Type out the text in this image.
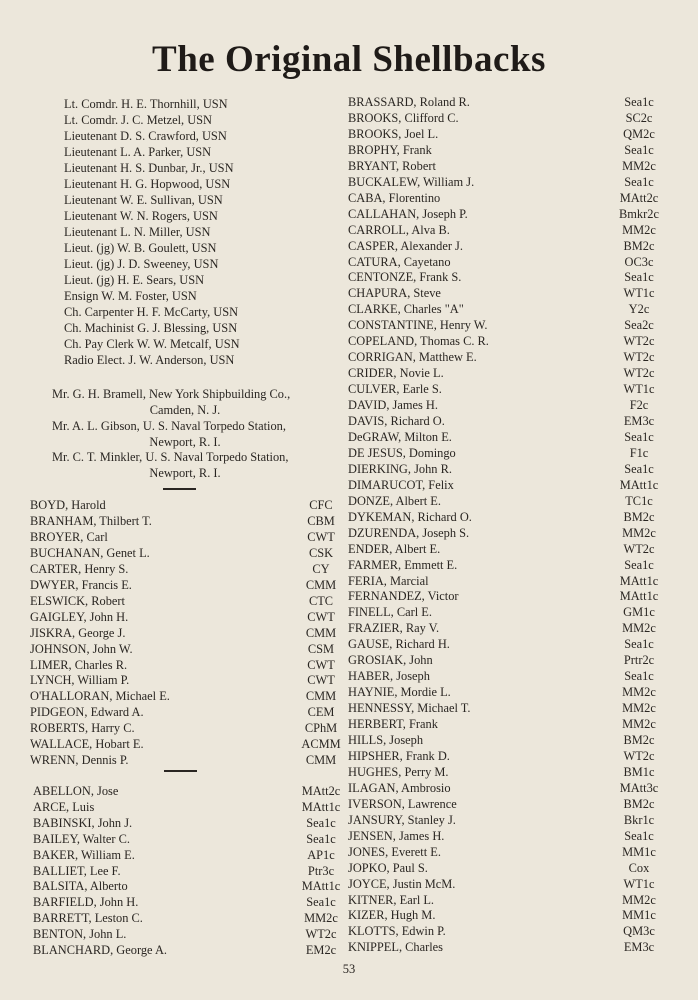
The Original Shellbacks
Lt. Comdr. H. E. Thornhill, USN
Lt. Comdr. J. C. Metzel, USN
Lieutenant D. S. Crawford, USN
Lieutenant L. A. Parker, USN
Lieutenant H. S. Dunbar, Jr., USN
Lieutenant H. G. Hopwood, USN
Lieutenant W. E. Sullivan, USN
Lieutenant W. N. Rogers, USN
Lieutenant L. N. Miller, USN
Lieut. (jg) W. B. Goulett, USN
Lieut. (jg) J. D. Sweeney, USN
Lieut. (jg) H. E. Sears, USN
Ensign W. M. Foster, USN
Ch. Carpenter H. F. McCarty, USN
Ch. Machinist G. J. Blessing, USN
Ch. Pay Clerk W. W. Metcalf, USN
Radio Elect. J. W. Anderson, USN
Mr. G. H. Bramell, New York Shipbuilding Co.,
Camden, N. J.
Mr. A. L. Gibson, U. S. Naval Torpedo Station,
Newport, R. I.
Mr. C. T. Minkler, U. S. Naval Torpedo Station,
Newport, R. I.
BOYD, Harold	CFC
BRANHAM, Thilbert T.	CBM
BROYER, Carl	CWT
BUCHANAN, Genet L.	CSK
CARTER, Henry S.	CY
DWYER, Francis E.	CMM
ELSWICK, Robert	CTC
GAIGLEY, John H.	CWT
JISKRA, George J.	CMM
JOHNSON, John W.	CSM
LIMER, Charles R.	CWT
LYNCH, William P.	CWT
O'HALLORAN, Michael E.	CMM
PIDGEON, Edward A.	CEM
ROBERTS, Harry C.	CPhM
WALLACE, Hobart E.	ACMM
WRENN, Dennis P.	CMM
ABELLON, Jose	MAtt2c
ARCE, Luis	MAtt1c
BABINSKI, John J.	Sea1c
BAILEY, Walter C.	Sea1c
BAKER, William E.	AP1c
BALLIET, Lee F.	Ptr3c
BALSITA, Alberto	MAtt1c
BARFIELD, John H.	Sea1c
BARRETT, Leston C.	MM2c
BENTON, John L.	WT2c
BLANCHARD, George A.	EM2c
BRASSARD, Roland R.	Sea1c
BROOKS, Clifford C.	SC2c
BROOKS, Joel L.	QM2c
BROPHY, Frank	Sea1c
BRYANT, Robert	MM2c
BUCKALEW, William J.	Sea1c
CABA, Florentino	MAtt2c
CALLAHAN, Joseph P.	Bmkr2c
CARROLL, Alva B.	MM2c
CASPER, Alexander J.	BM2c
CATURA, Cayetano	OC3c
CENTONZE, Frank S.	Sea1c
CHAPURA, Steve	WT1c
CLARKE, Charles "A"	Y2c
CONSTANTINE, Henry W.	Sea2c
COPELAND, Thomas C. R.	WT2c
CORRIGAN, Matthew E.	WT2c
CRIDER, Novie L.	WT2c
CULVER, Earle S.	WT1c
DAVID, James H.	F2c
DAVIS, Richard O.	EM3c
DeGRAW, Milton E.	Sea1c
DE JESUS, Domingo	F1c
DIERKING, John R.	Sea1c
DIMARUCOT, Felix	MAtt1c
DONZE, Albert E.	TC1c
DYKEMAN, Richard O.	BM2c
DZURENDA, Joseph S.	MM2c
ENDER, Albert E.	WT2c
FARMER, Emmett E.	Sea1c
FERIA, Marcial	MAtt1c
FERNANDEZ, Victor	MAtt1c
FINELL, Carl E.	GM1c
FRAZIER, Ray V.	MM2c
GAUSE, Richard H.	Sea1c
GROSIAK, John	Prtr2c
HABER, Joseph	Sea1c
HAYNIE, Mordie L.	MM2c
HENNESSY, Michael T.	MM2c
HERBERT, Frank	MM2c
HILLS, Joseph	BM2c
HIPSHER, Frank D.	WT2c
HUGHES, Perry M.	BM1c
ILAGAN, Ambrosio	MAtt3c
IVERSON, Lawrence	BM2c
JANSURY, Stanley J.	Bkr1c
JENSEN, James H.	Sea1c
JONES, Everett E.	MM1c
JOPKO, Paul S.	Cox
JOYCE, Justin McM.	WT1c
KITNER, Earl L.	MM2c
KIZER, Hugh M.	MM1c
KLOTTS, Edwin P.	QM3c
KNIPPEL, Charles	EM3c
53
